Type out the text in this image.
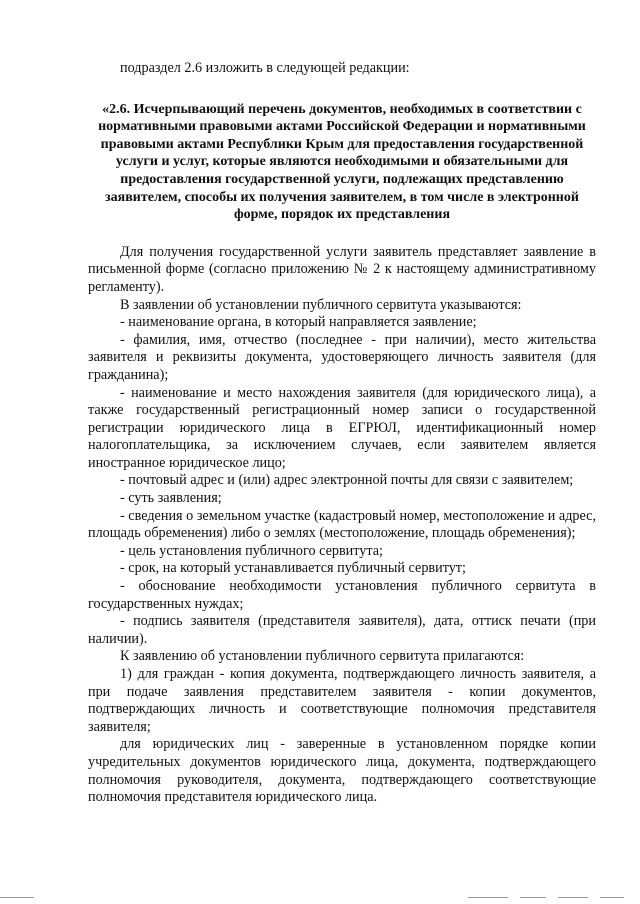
подраздел 2.6 изложить в следующей редакции:

«2.6. Исчерпывающий перечень документов, необходимых в соответствии с нормативными правовыми актами Российской Федерации и нормативными правовыми актами Республики Крым для предоставления государственной услуги и услуг, которые являются необходимыми и обязательными для предоставления государственной услуги, подлежащих представлению заявителем, способы их получения заявителем, в том числе в электронной форме, порядок их представления

Для получения государственной услуги заявитель представляет заявление в письменной форме (согласно приложению № 2 к настоящему административному регламенту).

В заявлении об установлении публичного сервитута указываются:

- наименование органа, в который направляется заявление;

- фамилия, имя, отчество (последнее - при наличии), место жительства заявителя и реквизиты документа, удостоверяющего личность заявителя (для гражданина);

- наименование и место нахождения заявителя (для юридического лица), а также государственный регистрационный номер записи о государственной регистрации юридического лица в ЕГРЮЛ, идентификационный номер налогоплательщика, за исключением случаев, если заявителем является иностранное юридическое лицо;

- почтовый адрес и (или) адрес электронной почты для связи с заявителем;

- суть заявления;

- сведения о земельном участке (кадастровый номер, местоположение и адрес, площадь обременения) либо о землях (местоположение, площадь обременения);

- цель установления публичного сервитута;

- срок, на который устанавливается публичный сервитут;

- обоснование необходимости установления публичного сервитута в государственных нуждах;

- подпись заявителя (представителя заявителя), дата, оттиск печати (при наличии).

К заявлению об установлении публичного сервитута прилагаются:

1) для граждан - копия документа, подтверждающего личность заявителя, а при подаче заявления представителем заявителя - копии документов, подтверждающих личность и соответствующие полномочия представителя заявителя;

для юридических лиц - заверенные в установленном порядке копии учредительных документов юридического лица, документа, подтверждающего полномочия руководителя, документа, подтверждающего соответствующие полномочия представителя юридического лица.
